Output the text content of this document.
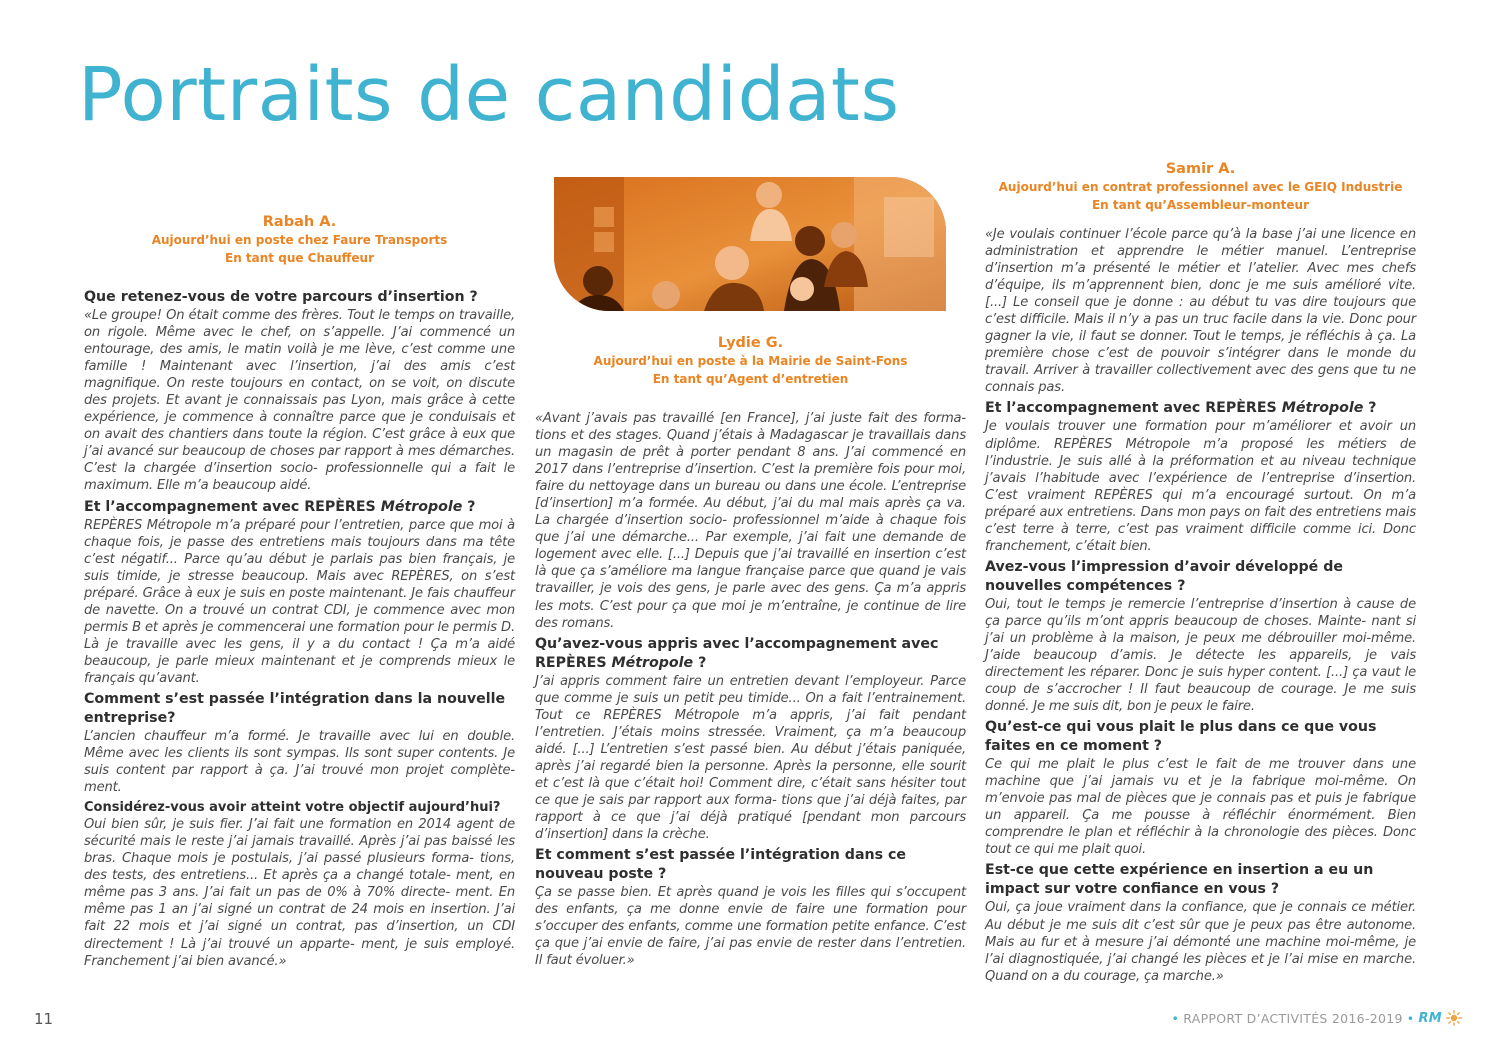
Portraits de candidats
Rabah A.
Aujourd’hui en poste chez Faure Transports
En tant que Chauffeur

Que retenez-vous de votre parcours d’insertion ?

«Le groupe! On était comme des frères. Tout le temps on travaille, on rigole. Même avec le chef, on s’appelle. J’ai commencé un entourage, des amis, le matin voilà je me lève, c’est comme une famille ! Maintenant avec l’insertion, j’ai des amis c’est magnifique. On reste toujours en contact, on se voit, on discute des projets. Et avant je connaissais pas Lyon, mais grâce à cette expérience, je commence à connaître parce que je conduisais et on avait des chantiers dans toute la région. C’est grâce à eux que j’ai avancé sur beaucoup de choses par rapport à mes démarches. C’est la chargée d’insertion socio- professionnelle qui a fait le maximum. Elle m’a beaucoup aidé.

Et l’accompagnement avec REPÈRES Métropole ?

REPÈRES Métropole m’a préparé pour l’entretien, parce que moi à chaque fois, je passe des entretiens mais toujours dans ma tête c’est négatif... Parce qu’au début je parlais pas bien français, je suis timide, je stresse beaucoup. Mais avec REPÈRES, on s’est préparé. Grâce à eux je suis en poste maintenant. Je fais chauffeur de navette. On a trouvé un contrat CDI, je commence avec mon permis B et après je commencerai une formation pour le permis D. Là je travaille avec les gens, il y a du contact ! Ça m’a aidé beaucoup, je parle mieux maintenant et je comprends mieux le français qu’avant.

Comment s’est passée l’intégration dans la nouvelle entreprise?

L’ancien chauffeur m’a formé. Je travaille avec lui en double. Même avec les clients ils sont sympas. Ils sont super contents. Je suis content par rapport à ça. J’ai trouvé mon projet complète- ment.

Considérez-vous avoir atteint votre objectif aujourd’hui?

Oui bien sûr, je suis fier. J’ai fait une formation en 2014 agent de sécurité mais le reste j’ai jamais travaillé. Après j’ai pas baissé les bras. Chaque mois je postulais, j’ai passé plusieurs forma- tions, des tests, des entretiens... Et après ça a changé totale- ment, en même pas 3 ans. J’ai fait un pas de 0% à 70% directe- ment. En même pas 1 an j’ai signé un contrat de 24 mois en insertion. J’ai fait 22 mois et j’ai signé un contrat, pas d’insertion, un CDI directement ! Là j’ai trouvé un apparte- ment, je suis employé. Franchement j’ai bien avancé.»

Lydie G.
Aujourd’hui en poste à la Mairie de Saint-Fons
En tant qu’Agent d’entretien

«Avant j’avais pas travaillé [en France], j’ai juste fait des forma- tions et des stages. Quand j’étais à Madagascar je travaillais dans un magasin de prêt à porter pendant 8 ans. J’ai commencé en 2017 dans l’entreprise d’insertion. C’est la première fois pour moi, faire du nettoyage dans un bureau ou dans une école. L’entreprise [d’insertion] m’a formée. Au début, j’ai du mal mais après ça va. La chargée d’insertion socio- professionnel m’aide à chaque fois que j’ai une démarche... Par exemple, j’ai fait une demande de logement avec elle. [...] Depuis que j’ai travaillé en insertion c’est là que ça s’améliore ma langue française parce que quand je vais travailler, je vois des gens, je parle avec des gens. Ça m’a appris les mots. C’est pour ça que moi je m’entraîne, je continue de lire des romans.

Qu’avez-vous appris avec l’accompagnement avec REPÈRES Métropole ?

J’ai appris comment faire un entretien devant l’employeur. Parce que comme je suis un petit peu timide... On a fait l’entrainement. Tout ce REPÈRES Métropole m’a appris, j’ai fait pendant l’entretien. J’étais moins stressée. Vraiment, ça m’a beaucoup aidé. [...] L’entretien s’est passé bien. Au début j’étais paniquée, après j’ai regardé bien la personne. Après la personne, elle sourit et c’est là que c’était hoi! Comment dire, c’était sans hésiter tout ce que je sais par rapport aux forma- tions que j’ai déjà faites, par rapport à ce que j’ai déjà pratiqué [pendant mon parcours d’insertion] dans la crèche.

Et comment s’est passée l’intégration dans ce nouveau poste ?

Ça se passe bien. Et après quand je vois les filles qui s’occupent des enfants, ça me donne envie de faire une formation pour s’occuper des enfants, comme une formation petite enfance. C’est ça que j’ai envie de faire, j’ai pas envie de rester dans l’entretien. Il faut évoluer.»

Samir A.
Aujourd’hui en contrat professionnel avec le GEIQ Industrie
En tant qu’Assembleur-monteur

«Je voulais continuer l’école parce qu’à la base j’ai une licence en administration et apprendre le métier manuel. L’entreprise d’insertion m’a présenté le métier et l’atelier. Avec mes chefs d’équipe, ils m’apprennent bien, donc je me suis amélioré vite. [...] Le conseil que je donne : au début tu vas dire toujours que c’est difficile. Mais il n’y a pas un truc facile dans la vie. Donc pour gagner la vie, il faut se donner. Tout le temps, je réfléchis à ça. La première chose c’est de pouvoir s’intégrer dans le monde du travail. Arriver à travailler collectivement avec des gens que tu ne connais pas.

Et l’accompagnement avec REPÈRES Métropole ?

Je voulais trouver une formation pour m’améliorer et avoir un diplôme. REPÈRES Métropole m’a proposé les métiers de l’industrie. Je suis allé à la préformation et au niveau technique j’avais l’habitude avec l’expérience de l’entreprise d’insertion. C’est vraiment REPÈRES qui m’a encouragé surtout. On m’a préparé aux entretiens. Dans mon pays on fait des entretiens mais c’est terre à terre, c’est pas vraiment difficile comme ici. Donc franchement, c’était bien.

Avez-vous l’impression d’avoir développé de nouvelles compétences ?

Oui, tout le temps je remercie l’entreprise d’insertion à cause de ça parce qu’ils m’ont appris beaucoup de choses. Mainte- nant si j’ai un problème à la maison, je peux me débrouiller moi-même. J’aide beaucoup d’amis. Je détecte les appareils, je vais directement les réparer. Donc je suis hyper content. [...] ça vaut le coup de s’accrocher ! Il faut beaucoup de courage. Je me suis donné. Je me suis dit, bon je peux le faire.

Qu’est-ce qui vous plait le plus dans ce que vous faites en ce moment ?

Ce qui me plait le plus c’est le fait de me trouver dans une machine que j’ai jamais vu et je la fabrique moi-même. On m’envoie pas mal de pièces que je connais pas et puis je fabrique un appareil. Ça me pousse à réfléchir énormément. Bien comprendre le plan et réfléchir à la chronologie des pièces. Donc tout ce qui me plait quoi.

Est-ce que cette expérience en insertion a eu un impact sur votre confiance en vous ?

Oui, ça joue vraiment dans la confiance, que je connais ce métier. Au début je me suis dit c’est sûr que je peux pas être autonome. Mais au fur et à mesure j’ai démonté une machine moi-même, je l’ai diagnostiquée, j’ai changé les pièces et je l’ai mise en marche. Quand on a du courage, ça marche.»

11	• RAPPORT D’ACTIVITÉS 2016-2019 • RM
